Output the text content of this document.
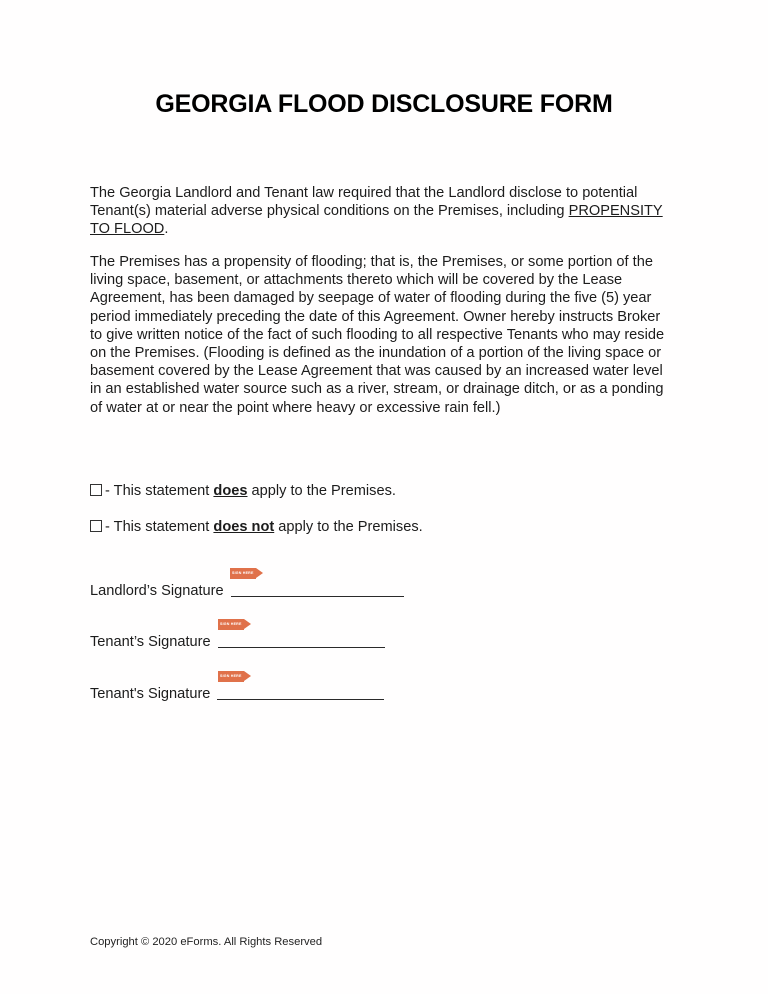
GEORGIA FLOOD DISCLOSURE FORM
The Georgia Landlord and Tenant law required that the Landlord disclose to potential Tenant(s) material adverse physical conditions on the Premises, including PROPENSITY TO FLOOD.
The Premises has a propensity of flooding; that is, the Premises, or some portion of the living space, basement, or attachments thereto which will be covered by the Lease Agreement, has been damaged by seepage of water of flooding during the five (5) year period immediately preceding the date of this Agreement. Owner hereby instructs Broker to give written notice of the fact of such flooding to all respective Tenants who may reside on the Premises. (Flooding is defined as the inundation of a portion of the living space or basement covered by the Lease Agreement that was caused by an increased water level in an established water source such as a river, stream, or drainage ditch, or as a ponding of water at or near the point where heavy or excessive rain fell.)
- This statement does apply to the Premises.
- This statement does not apply to the Premises.
SIGN HERE
Landlord’s Signature
SIGN HERE
Tenant’s Signature
SIGN HERE
Tenant's Signature
Copyright © 2020 eForms. All Rights Reserved
